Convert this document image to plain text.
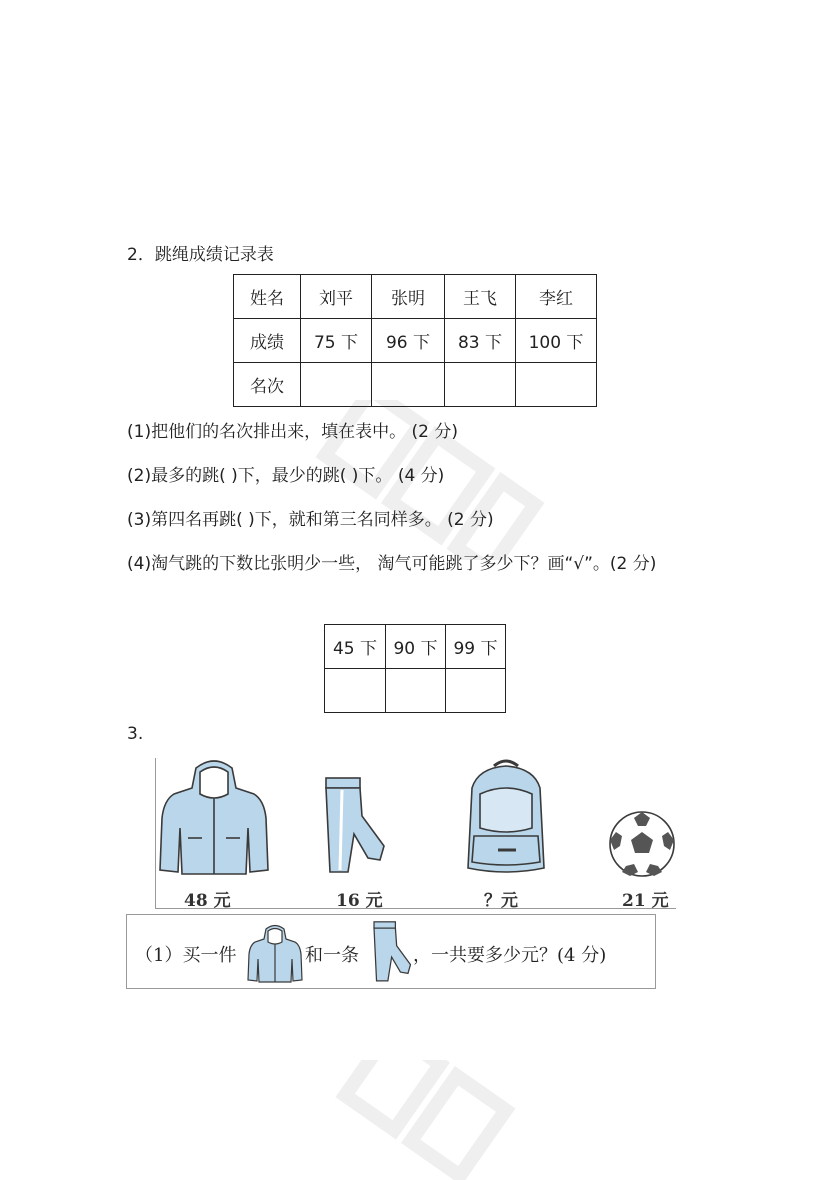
2．跳绳成绩记录表
姓名	刘平	张明	王飞	李红
成绩	75 下	96 下	83 下	100 下
名次				
(1)把他们的名次排出来，填在表中。 (2 分)
(2)最多的跳( )下，最少的跳( )下。 (4 分)
(3)第四名再跳( )下，就和第三名同样多。 (2 分)
(4)淘气跳的下数比张明少一些， 淘气可能跳了多少下？画“√”。(2 分)
45 下	90 下	99 下

3.
48 元	16 元	？元	21 元
（1）买一件	和一条	，一共要多少元？(4 分)
